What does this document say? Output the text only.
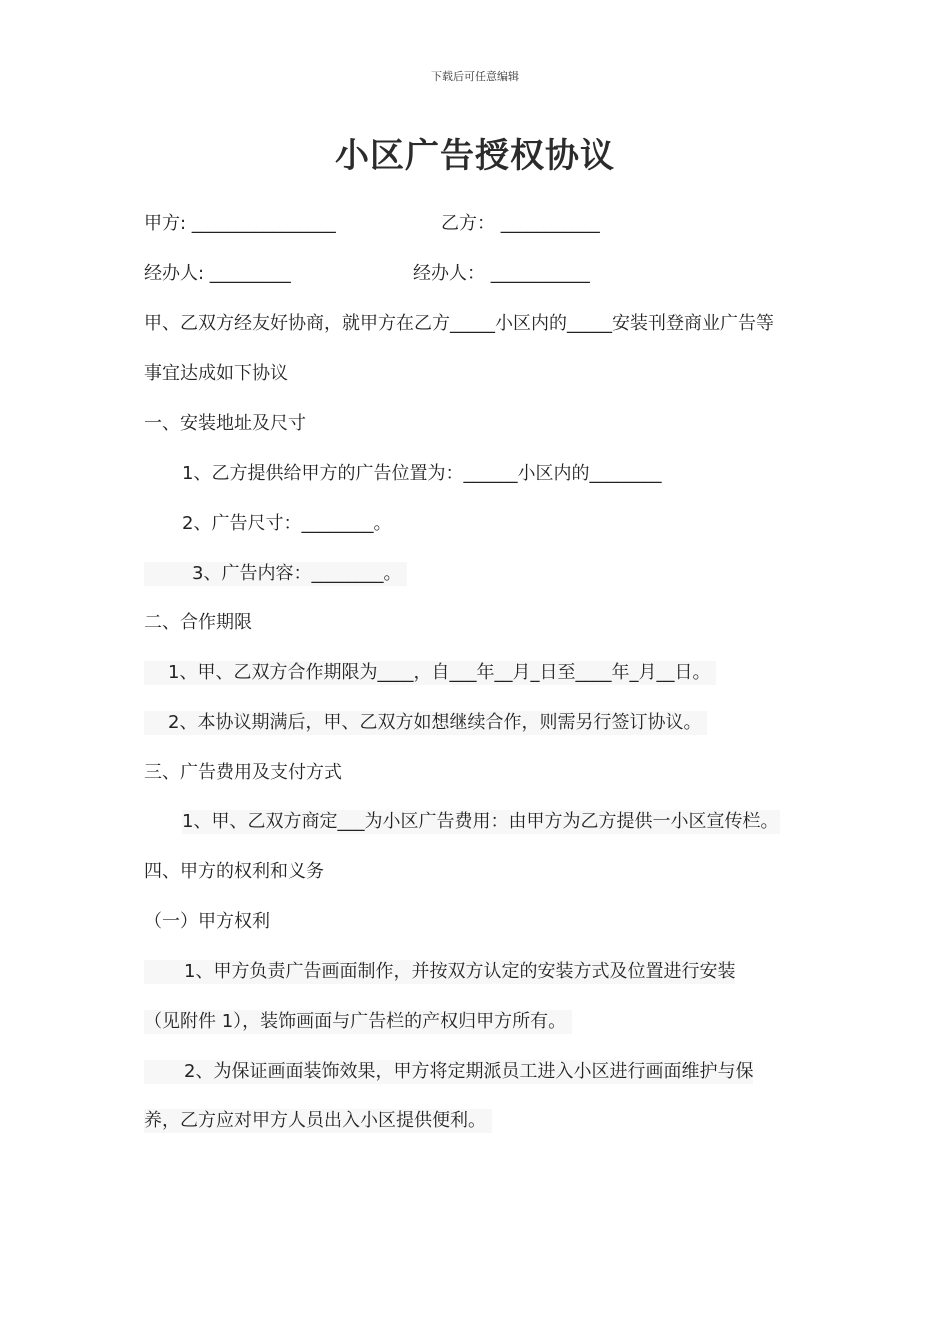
下载后可任意编辑
小区广告授权协议
甲方: ________________	乙方： ___________
经办人: _________	经办人： ___________
甲、乙双方经友好协商，就甲方在乙方_____小区内的_____安装刊登商业广告等
事宜达成如下协议
一、安装地址及尺寸
1、乙方提供给甲方的广告位置为：______小区内的________
2、广告尺寸：________。
3、广告内容：________。
二、合作期限
1、甲、乙双方合作期限为____，自___年__月_日至____年_月__日。
2、本协议期满后，甲、乙双方如想继续合作，则需另行签订协议。
三、广告费用及支付方式
1、甲、乙双方商定___为小区广告费用：由甲方为乙方提供一小区宣传栏。
四、甲方的权利和义务
（一）甲方权利
1、甲方负责广告画面制作，并按双方认定的安装方式及位置进行安装
（见附件 1），装饰画面与广告栏的产权归甲方所有。
2、为保证画面装饰效果，甲方将定期派员工进入小区进行画面维护与保
养，乙方应对甲方人员出入小区提供便利。
